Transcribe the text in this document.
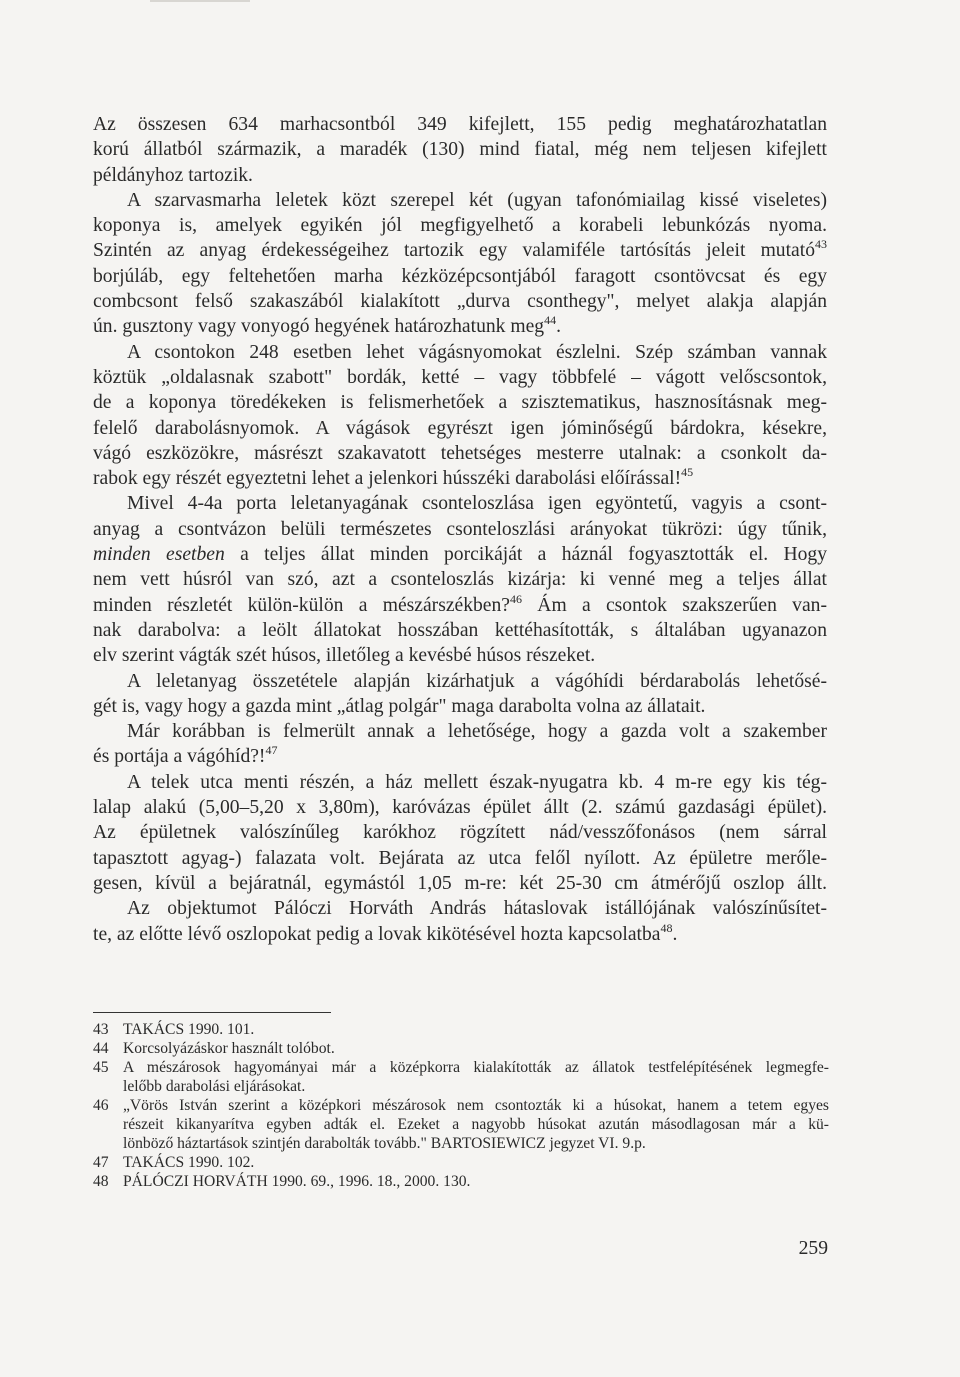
Az összesen 634 marhacsontból 349 kifejlett, 155 pedig meghatározhatatlan
korú állatból származik, a maradék (130) mind fiatal, még nem teljesen kifejlett
példányhoz tartozik.
A szarvasmarha leletek közt szerepel két (ugyan tafonómiailag kissé viseletes)
koponya is, amelyek egyikén jól megfigyelhető a korabeli lebunkózás nyoma.
Szintén az anyag érdekességeihez tartozik egy valamiféle tartósítás jeleit mutató$^{43}$
borjúláb, egy feltehetően marha kézközépcsontjából faragott csontövcsat és egy
combcsont felső szakaszából kialakított „durva csonthegy", melyet alakja alapján
ún. gusztony vagy vonyogó hegyének határozhatunk meg$^{44}$.
A csontokon 248 esetben lehet vágásnyomokat észlelni. Szép számban vannak
köztük „oldalasnak szabott" bordák, ketté – vagy többfelé – vágott velőscsontok,
de a koponya töredékeken is felismerhetőek a szisztematikus, hasznosításnak meg-
felelő darabolásnyomok. A vágások egyrészt igen jóminőségű bárdokra, késekre,
vágó eszközökre, másrészt szakavatott tehetséges mesterre utalnak: a csonkolt da-
rabok egy részét egyeztetni lehet a jelenkori hússzéki darabolási előírással!$^{45}$
Mivel 4-4a porta leletanyagának csonteloszlása igen egyöntetű, vagyis a csont-
anyag a csontvázon belüli természetes csonteloszlási arányokat tükrözi: úgy tűnik,
minden esetben a teljes állat minden porcikáját a háznál fogyasztották el. Hogy
nem vett húsról van szó, azt a csonteloszlás kizárja: ki venné meg a teljes állat
minden részletét külön-külön a mészárszékben?$^{46}$ Ám a csontok szakszerűen van-
nak darabolva: a leölt állatokat hosszában kettéhasították, s általában ugyanazon
elv szerint vágták szét húsos, illetőleg a kevésbé húsos részeket.
A leletanyag összetétele alapján kizárhatjuk a vágóhídi bérdarabolás lehetősé-
gét is, vagy hogy a gazda mint „átlag polgár" maga darabolta volna az állatait.
Már korábban is felmerült annak a lehetősége, hogy a gazda volt a szakember
és portája a vágóhíd?!$^{47}$
A telek utca menti részén, a ház mellett észak-nyugatra kb. 4 m-re egy kis tég-
lalap alakú (5,00–5,20 x 3,80m), karóvázas épület állt (2. számú gazdasági épület).
Az épületnek valószínűleg karókhoz rögzített nád/vesszőfonásos (nem sárral
tapasztott agyag-) falazata volt. Bejárata az utca felől nyílott. Az épületre merőle-
gesen, kívül a bejáratnál, egymástól 1,05 m-re: két 25-30 cm átmérőjű oszlop állt.
Az objektumot Pálóczi Horváth András hátaslovak istállójának valószínűsítet-
te, az előtte lévő oszlopokat pedig a lovak kikötésével hozta kapcsolatba$^{48}$.
43 TAKÁCS 1990. 101.
44 Korcsolyázáskor használt tolóbot.
45 A mészárosok hagyományai már a középkorra kialakították az állatok testfelépítésének legmegfe-
lelőbb darabolási eljárásokat.
46 „Vörös István szerint a középkori mészárosok nem csontozták ki a húsokat, hanem a tetem egyes
részeit kikanyarítva egyben adták el. Ezeket a nagyobb húsokat azután másodlagosan már a kü-
lönböző háztartások szintjén darabolták tovább." BARTOSIEWICZ jegyzet VI. 9.p.
47 TAKÁCS 1990. 102.
48 PÁLÓCZI HORVÁTH 1990. 69., 1996. 18., 2000. 130.
259
